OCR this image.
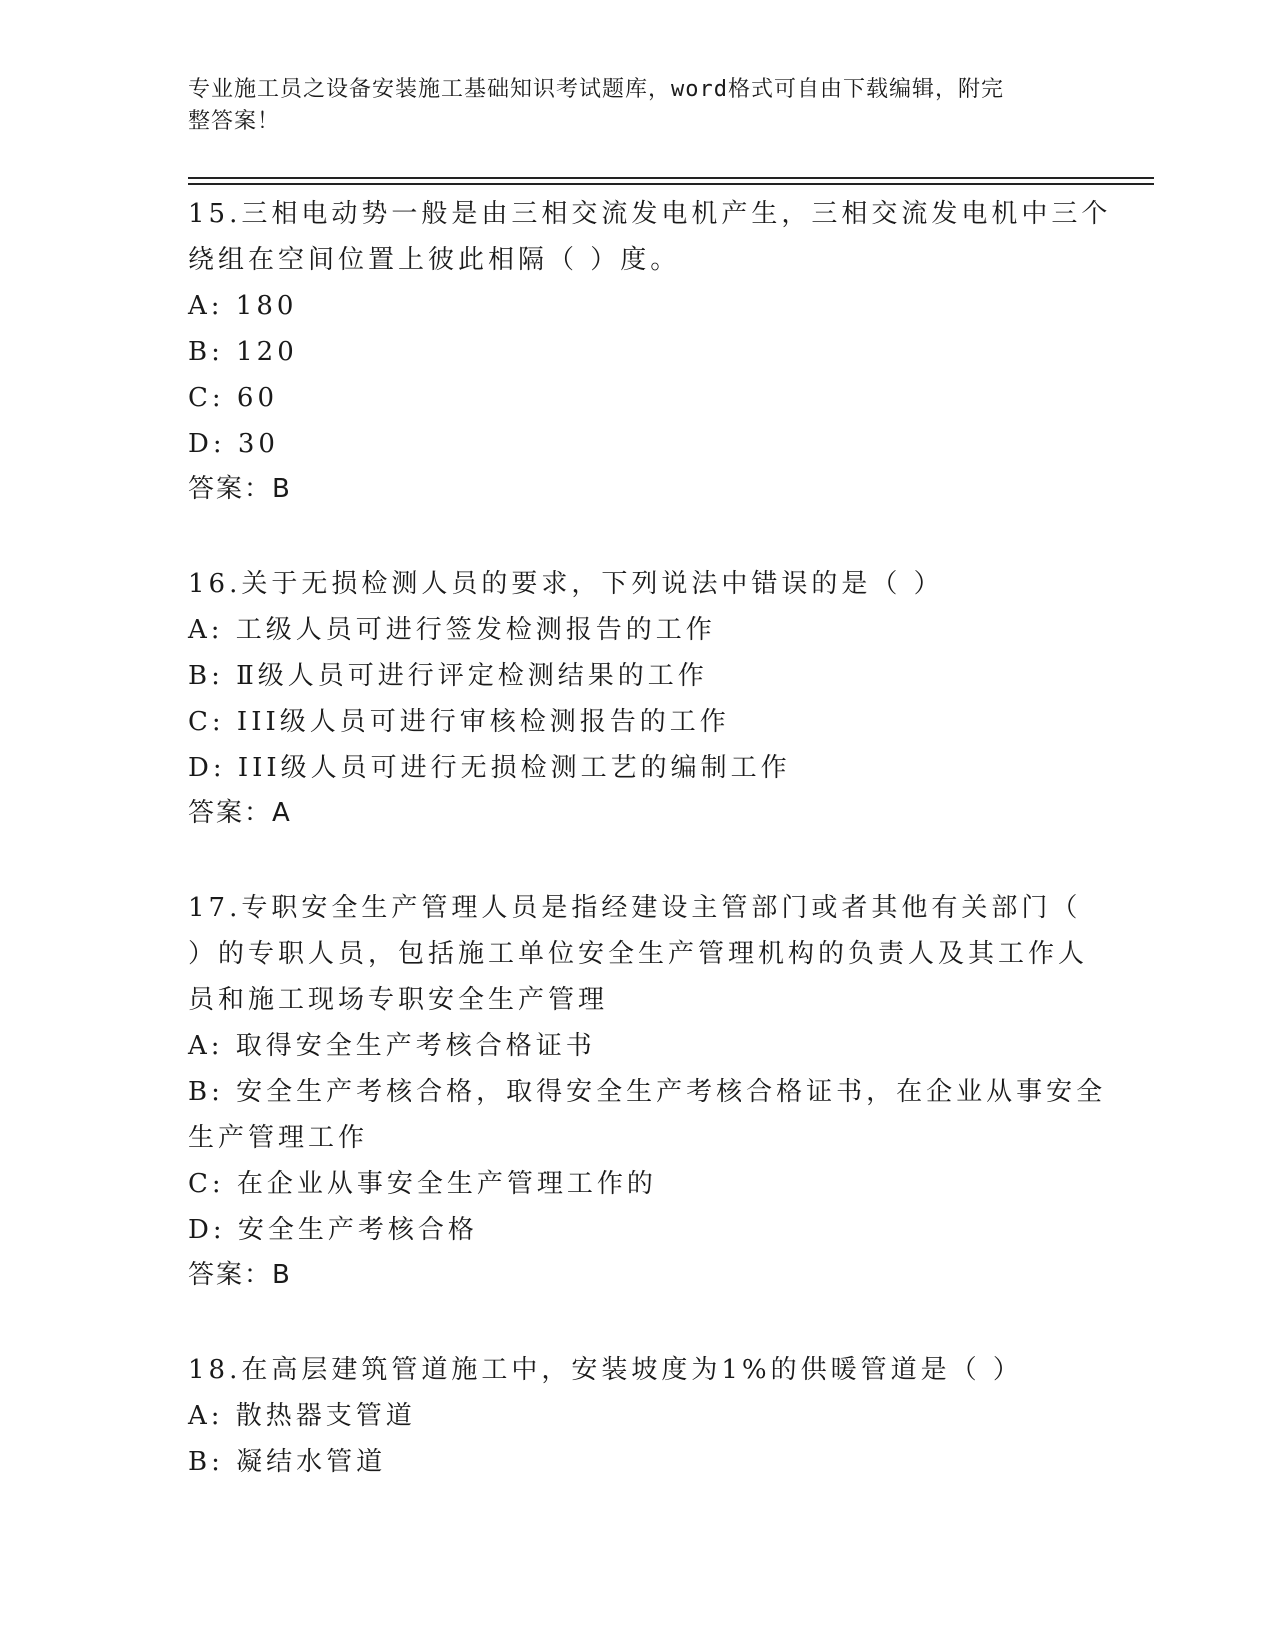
专业施工员之设备安装施工基础知识考试题库，word格式可自由下载编辑，附完
整答案！
15.三相电动势一般是由三相交流发电机产生，三相交流发电机中三个
绕组在空间位置上彼此相隔（ ）度。
A: 180
B: 120
C: 60
D: 30
答案：B
16.关于无损检测人员的要求，下列说法中错误的是（ ）
A: 工级人员可进行签发检测报告的工作
B: Ⅱ级人员可进行评定检测结果的工作
C: III级人员可进行审核检测报告的工作
D: III级人员可进行无损检测工艺的编制工作
答案：A
17.专职安全生产管理人员是指经建设主管部门或者其他有关部门（
）的专职人员，包括施工单位安全生产管理机构的负责人及其工作人
员和施工现场专职安全生产管理
A: 取得安全生产考核合格证书
B: 安全生产考核合格，取得安全生产考核合格证书，在企业从事安全
生产管理工作
C: 在企业从事安全生产管理工作的
D: 安全生产考核合格
答案：B
18.在高层建筑管道施工中，安装坡度为1%的供暖管道是（ ）
A: 散热器支管道
B: 凝结水管道
